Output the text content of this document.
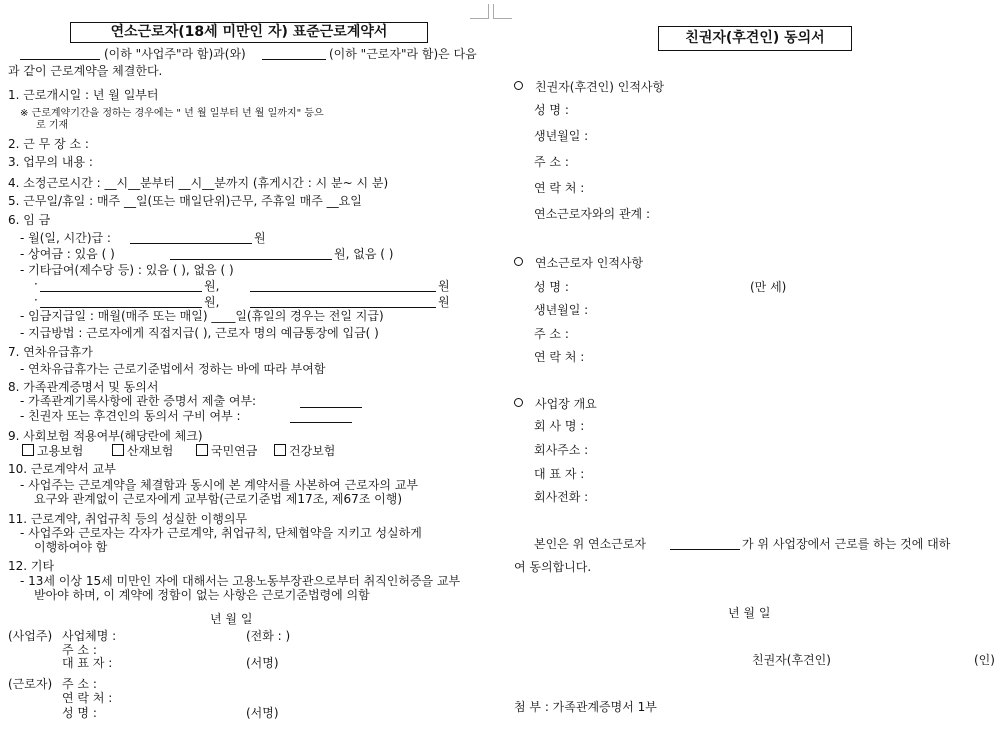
연소근로자(18세 미만인 자) 표준근로계약서
(이하 "사업주"라 함)과(와)	(이하 "근로자"라 함)은 다음
과 같이 근로계약을 체결한다.
1. 근로개시일 : 년 월 일부터
※ 근로계약기간을 정하는 경우에는 " 년 월 일부터 년 월 일까지" 등으
로 기재
2. 근 무 장 소 :
3. 업무의 내용 :
4. 소정근로시간 : __시__분부터 __시__분까지 (휴게시간 : 시 분~ 시 분)
5. 근무일/휴일 : 매주 __일(또는 매일단위)근무, 주휴일 매주 __요일
6. 임 금
- 월(일, 시간)급 :	원
- 상여금 : 있음 ( )	원, 없음 ( )
- 기타급여(제수당 등) : 있음 ( ), 없음 ( )
·	원,	원
·	원,	원
- 임금지급일 : 매월(매주 또는 매일) ____일(휴일의 경우는 전일 지급)
- 지급방법 : 근로자에게 직접지급( ), 근로자 명의 예금통장에 입금( )
7. 연차유급휴가
- 연차유급휴가는 근로기준법에서 정하는 바에 따라 부여함
8. 가족관계증명서 및 동의서
- 가족관계기록사항에 관한 증명서 제출 여부:
- 친권자 또는 후견인의 동의서 구비 여부 :
9. 사회보험 적용여부(해당란에 체크)
고용보험	산재보험	국민연금	건강보험
10. 근로계약서 교부
- 사업주는 근로계약을 체결함과 동시에 본 계약서를 사본하여 근로자의 교부
요구와 관계없이 근로자에게 교부함(근로기준법 제17조, 제67조 이행)
11. 근로계약, 취업규칙 등의 성실한 이행의무
- 사업주와 근로자는 각자가 근로계약, 취업규칙, 단체협약을 지키고 성실하게
이행하여야 함
12. 기타
- 13세 이상 15세 미만인 자에 대해서는 고용노동부장관으로부터 취직인허증을 교부
받아야 하며, 이 계약에 정함이 없는 사항은 근로기준법령에 의함
년 월 일
(사업주) 사업체명 :	(전화 : )
주 소 :
대 표 자 :	(서명)
(근로자) 주 소 :
연 락 처 :
성 명 :	(서명)
친권자(후견인) 동의서
친권자(후견인) 인적사항
성 명 :
생년월일 :
주 소 :
연 락 처 :
연소근로자와의 관계 :
연소근로자 인적사항
성 명 :	(만 세)
생년월일 :
주 소 :
연 락 처 :
사업장 개요
회 사 명 :
회사주소 :
대 표 자 :
회사전화 :
본인은 위 연소근로자	가 위 사업장에서 근로를 하는 것에 대하
여 동의합니다.
년 월 일
친권자(후견인)	(인)
첨 부 : 가족관계증명서 1부
